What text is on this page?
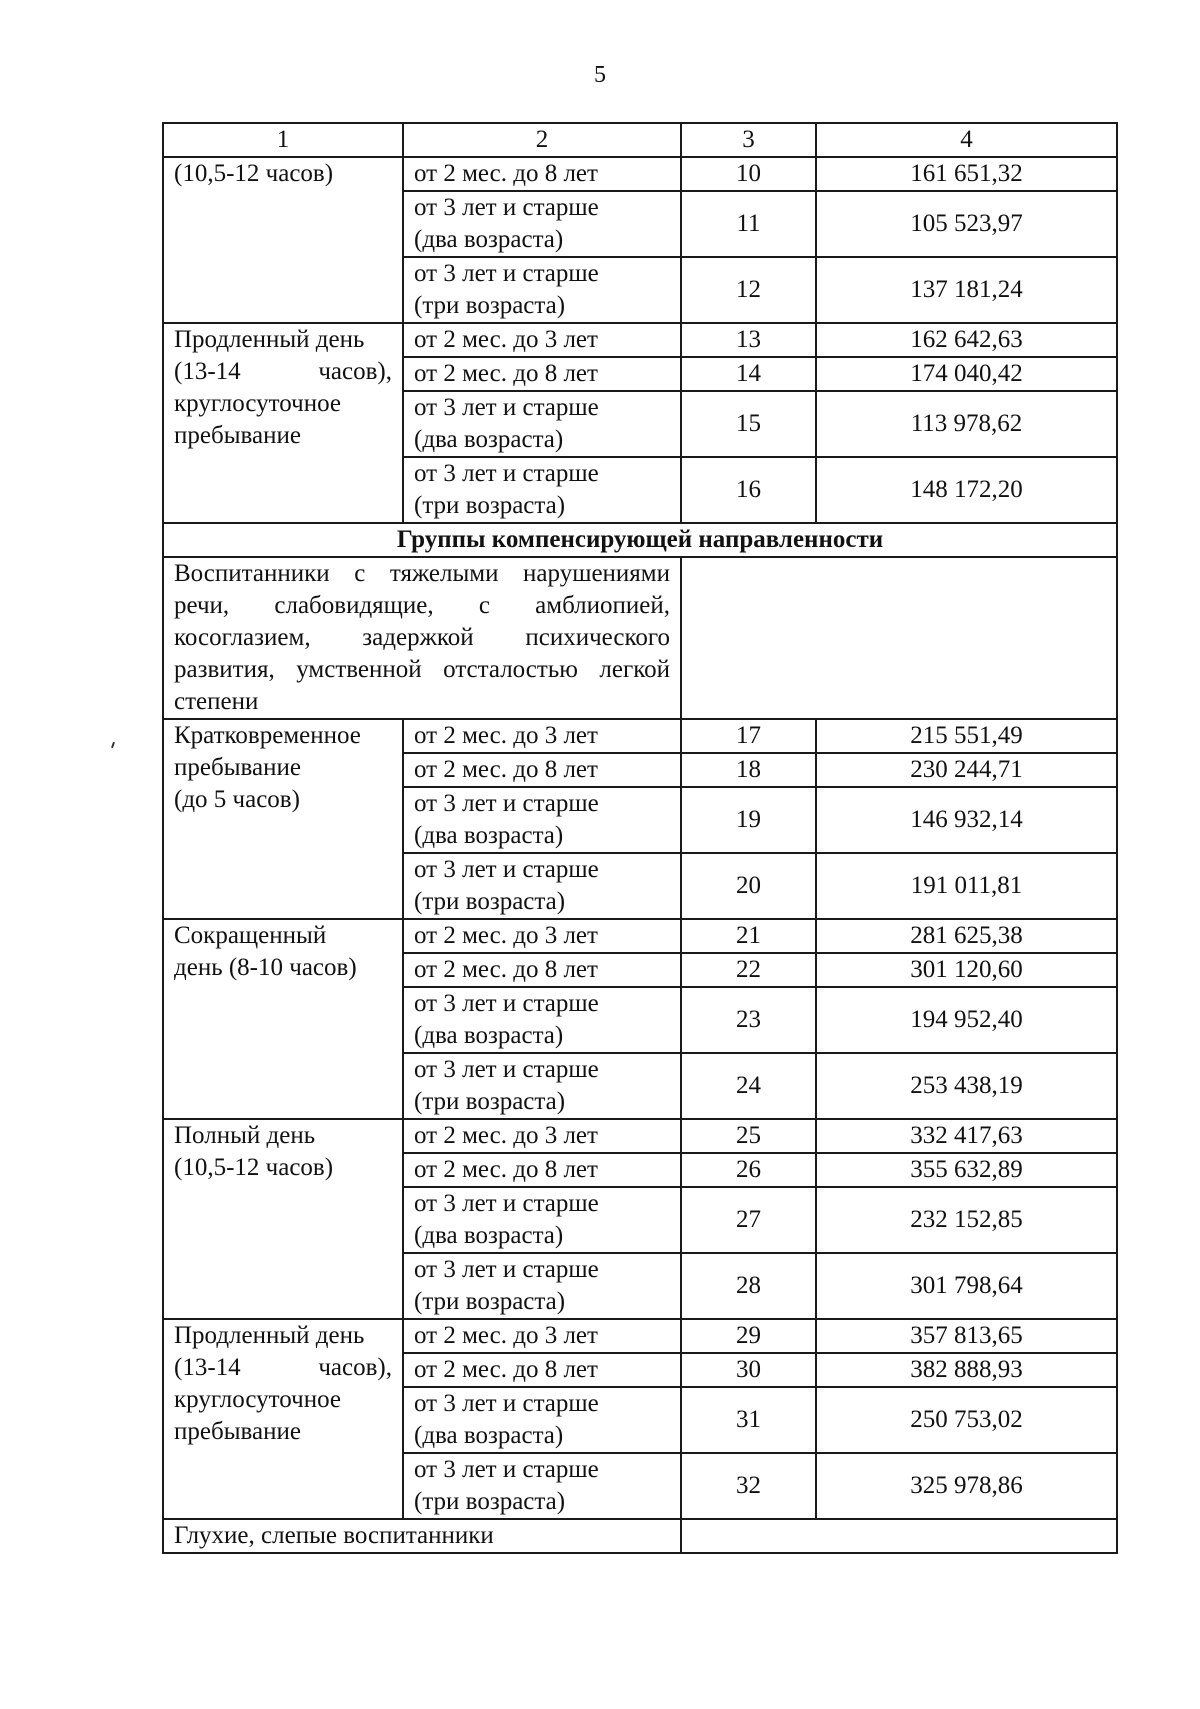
5
1	2	3	4

(10,5-12 часов)	от 2 мес. до 8 лет	10	161 651,32

	от 3 лет и старше
(два возраста)	11	105 523,97

	от 3 лет и старше
(три возраста)	12	137 181,24

Продленный день
(13-14 часов),
круглосуточное
пребывание	от 2 мес. до 3 лет	13	162 642,63

	от 2 мес. до 8 лет	14	174 040,42

	от 3 лет и старше
(два возраста)	15	113 978,62

	от 3 лет и старше
(три возраста)	16	148 172,20
Группы компенсирующей направленности			
Воспитанники с тяжелыми нарушениями речи, слабовидящие, с амблиопией, косоглазием, задержкой психического развития, умственной отсталостью легкой степени			

Кратковременное
пребывание
(до 5 часов)	от 2 мес. до 3 лет	17	215 551,49

	от 2 мес. до 8 лет	18	230 244,71

	от 3 лет и старше
(два возраста)	19	146 932,14

	от 3 лет и старше
(три возраста)	20	191 011,81

Сокращенный
день (8-10 часов)	от 2 мес. до 3 лет	21	281 625,38

	от 2 мес. до 8 лет	22	301 120,60

	от 3 лет и старше
(два возраста)	23	194 952,40

	от 3 лет и старше
(три возраста)	24	253 438,19

Полный день
(10,5-12 часов)	от 2 мес. до 3 лет	25	332 417,63

	от 2 мес. до 8 лет	26	355 632,89

	от 3 лет и старше
(два возраста)	27	232 152,85

	от 3 лет и старше
(три возраста)	28	301 798,64

Продленный день
(13-14 часов),
круглосуточное
пребывание	от 2 мес. до 3 лет	29	357 813,65

	от 2 мес. до 8 лет	30	382 888,93

	от 3 лет и старше
(два возраста)	31	250 753,02

	от 3 лет и старше
(три возраста)	32	325 978,86
Глухие, слепые воспитанники			
